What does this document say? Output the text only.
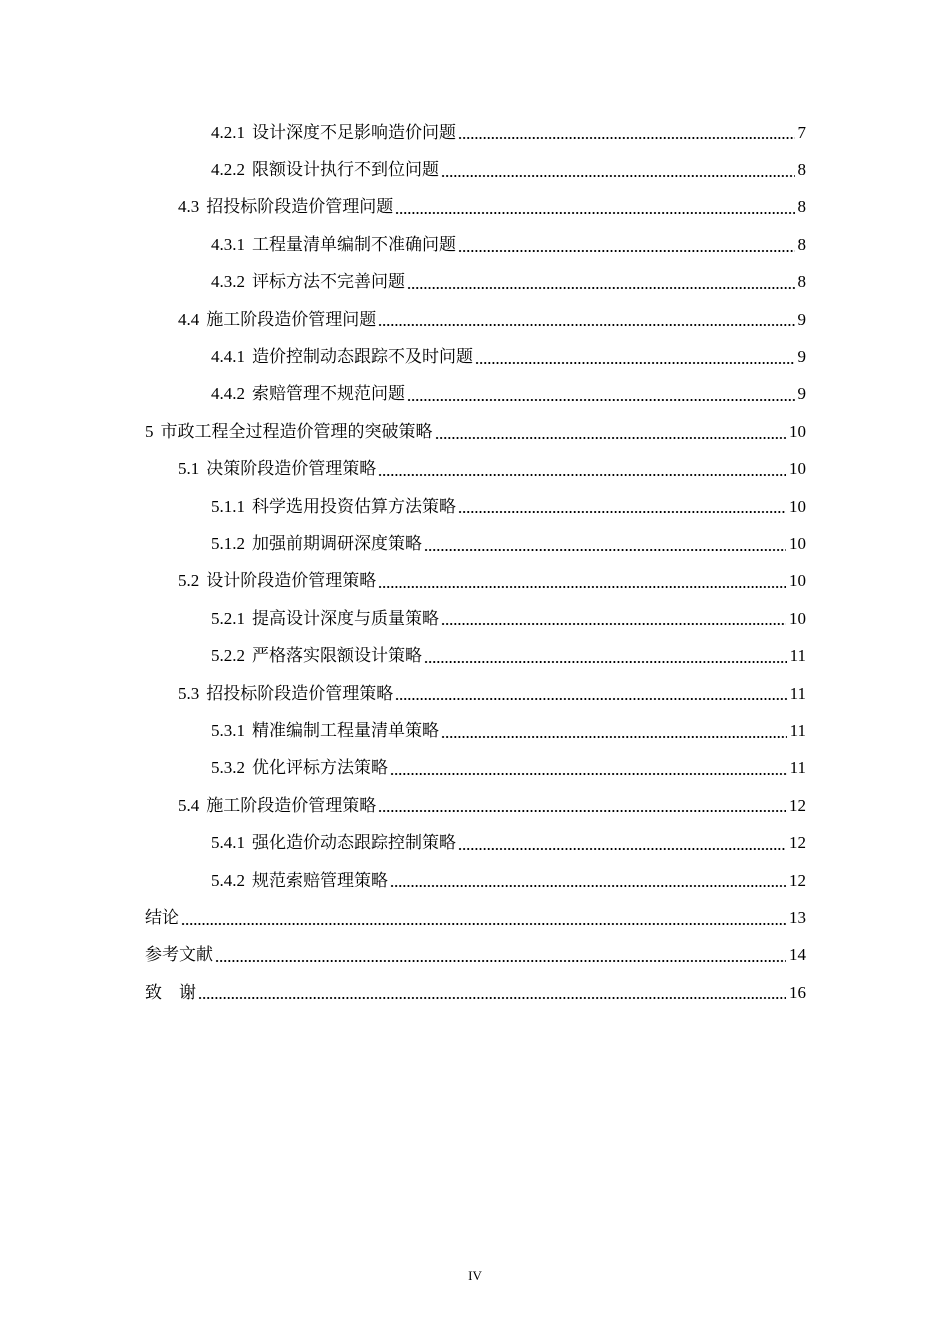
4.2.1 设计深度不足影响造价问题	7
4.2.2 限额设计执行不到位问题	8
4.3 招投标阶段造价管理问题	8
4.3.1 工程量清单编制不准确问题	8
4.3.2 评标方法不完善问题	8
4.4 施工阶段造价管理问题	9
4.4.1 造价控制动态跟踪不及时问题	9
4.4.2 索赔管理不规范问题	9
5 市政工程全过程造价管理的突破策略	10
5.1 决策阶段造价管理策略	10
5.1.1 科学选用投资估算方法策略	10
5.1.2 加强前期调研深度策略	10
5.2 设计阶段造价管理策略	10
5.2.1 提高设计深度与质量策略	10
5.2.2 严格落实限额设计策略	11
5.3 招投标阶段造价管理策略	11
5.3.1 精准编制工程量清单策略	11
5.3.2 优化评标方法策略	11
5.4 施工阶段造价管理策略	12
5.4.1 强化造价动态跟踪控制策略	12
5.4.2 规范索赔管理策略	12
结论	13
参考文献	14
致　谢	16
IV
